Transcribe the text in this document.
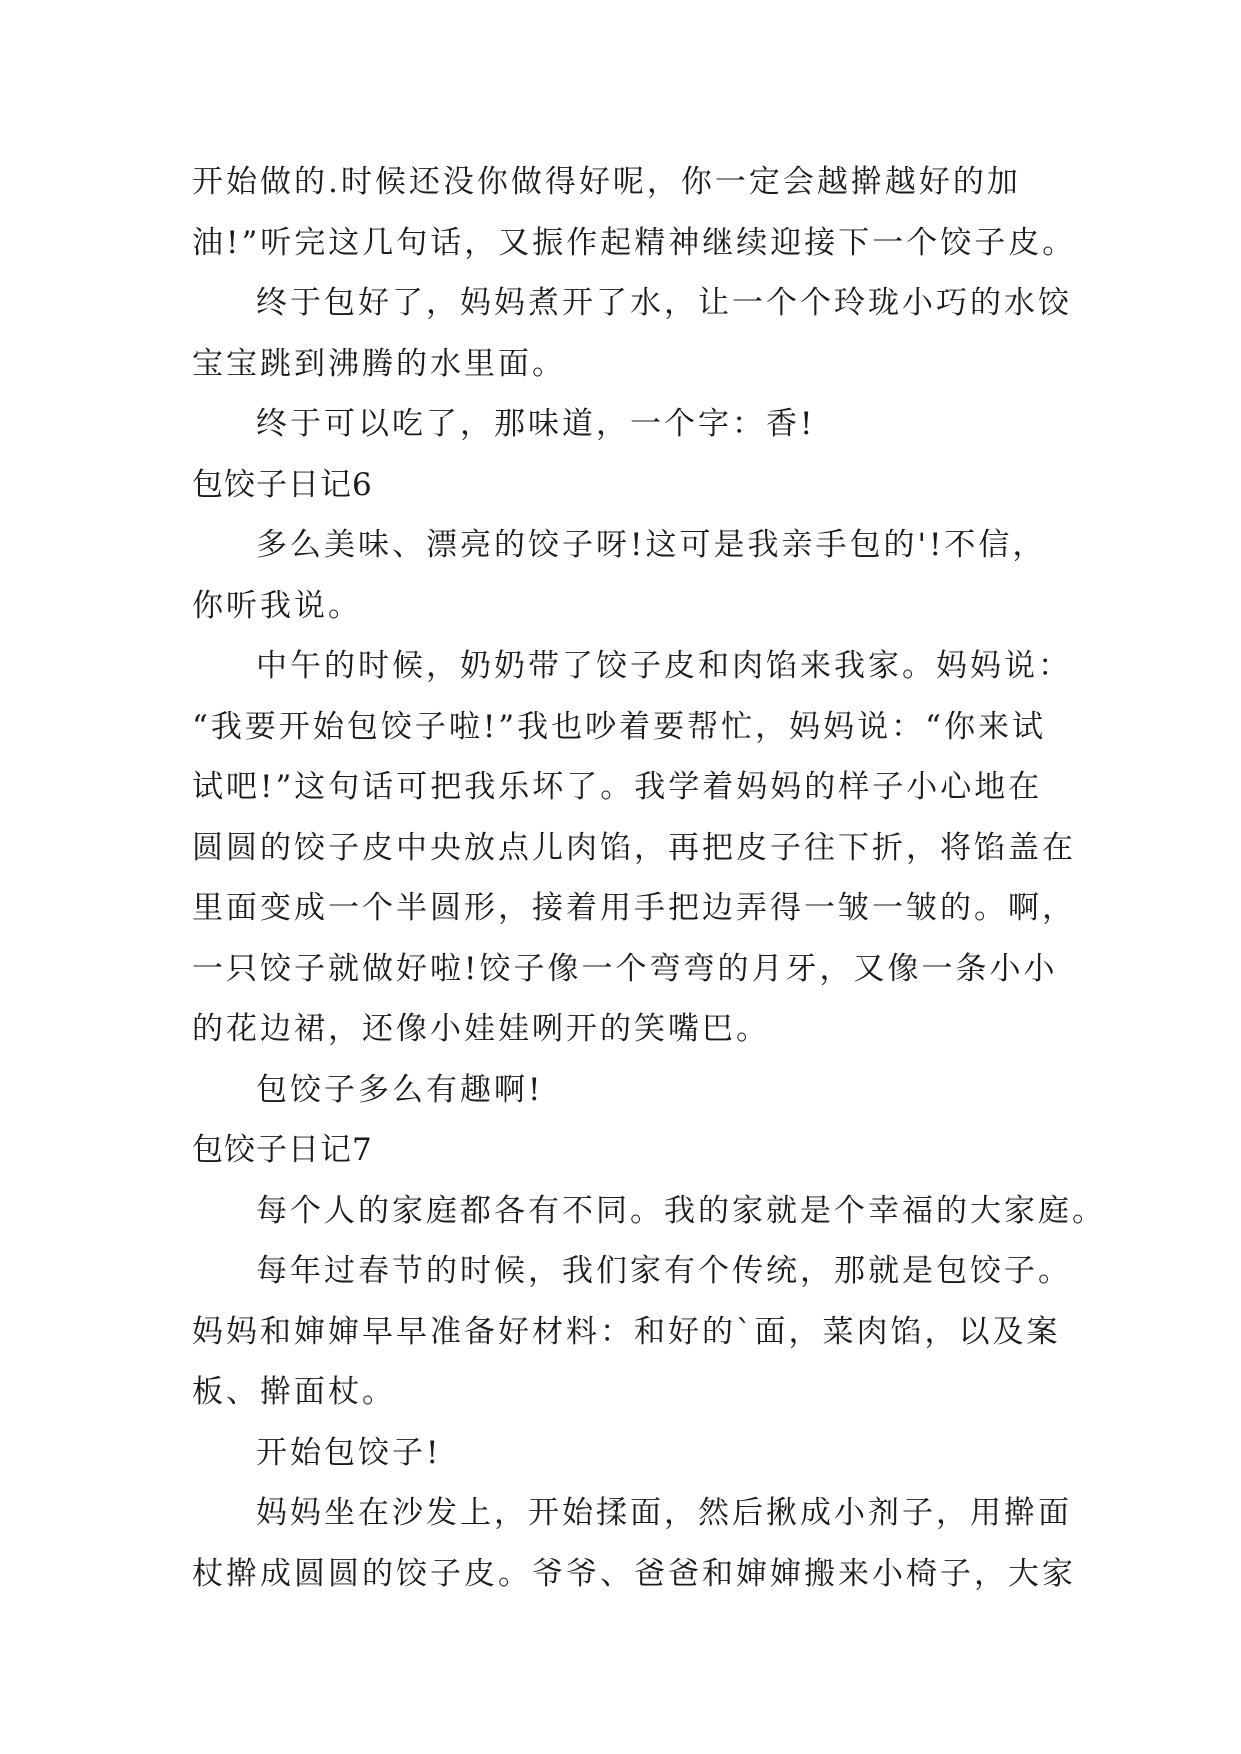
开始做的.时候还没你做得好呢，你一定会越擀越好的加
油!”听完这几句话，又振作起精神继续迎接下一个饺子皮。
终于包好了，妈妈煮开了水，让一个个玲珑小巧的水饺
宝宝跳到沸腾的水里面。
终于可以吃了，那味道，一个字：香!
包饺子日记6
多么美味、漂亮的饺子呀!这可是我亲手包的'!不信，
你听我说。
中午的时候，奶奶带了饺子皮和肉馅来我家。妈妈说：
“我要开始包饺子啦!”我也吵着要帮忙，妈妈说：“你来试
试吧!”这句话可把我乐坏了。我学着妈妈的样子小心地在
圆圆的饺子皮中央放点儿肉馅，再把皮子往下折，将馅盖在
里面变成一个半圆形，接着用手把边弄得一皱一皱的。啊，
一只饺子就做好啦!饺子像一个弯弯的月牙，又像一条小小
的花边裙，还像小娃娃咧开的笑嘴巴。
包饺子多么有趣啊!
包饺子日记7
每个人的家庭都各有不同。我的家就是个幸福的大家庭。
每年过春节的时候，我们家有个传统，那就是包饺子。
妈妈和婶婶早早准备好材料：和好的`面，菜肉馅，以及案
板、擀面杖。
开始包饺子!
妈妈坐在沙发上，开始揉面，然后揪成小剂子，用擀面
杖擀成圆圆的饺子皮。爷爷、爸爸和婶婶搬来小椅子，大家
